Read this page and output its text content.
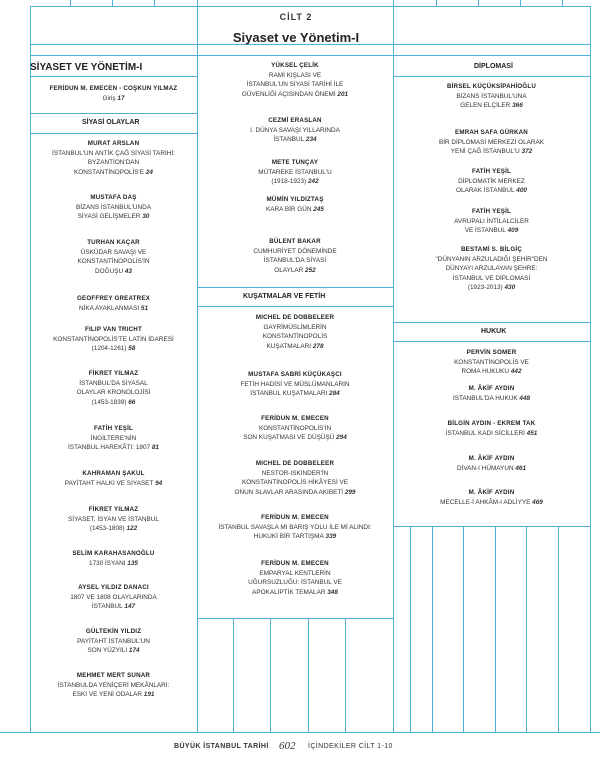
CİLT 2
Siyaset ve Yönetim-I
SİYASET VE YÖNETİM-I
SİYASİ OLAYLAR
KUŞATMALAR VE FETİH
DİPLOMASİ
HUKUK
FERİDUN M. EMECEN - COŞKUN YILMAZ
Giriş 17
MURAT ARSLAN
İSTANBUL'UN ANTİK ÇAĞ SİYASİ TARİHİ:
BYZANTİON'DAN
KONSTANTİNOPOLİS'E 24
MUSTAFA DAŞ
BİZANS İSTANBUL'UNDA
SİYASİ GELİŞMELER 30
TURHAN KAÇAR
ÜSKÜDAR SAVAŞI VE
KONSTANTİNOPOLİS'İN
DOĞUŞU 43
GEOFFREY GREATREX
NİKA AYAKLANMASI 51
FILIP VAN TRICHT
KONSTANTİNOPOLİS'TE LATİN İDARESİ
(1204-1261) 58
FİKRET YILMAZ
İSTANBUL'DA SİYASAL
OLAYLAR KRONOLOJİSİ
(1453-1839) 66
FATİH YEŞİL
İNGİLTERE'NİN
İSTANBUL HAREKÂTI: 1807 81
KAHRAMAN ŞAKUL
PAYİTAHT HALKI VE SİYASET 94
FİKRET YILMAZ
SİYASET, İSYAN VE İSTANBUL
(1453-1808) 122
SELİM KARAHASANOĞLU
1730 İSYANI 135
AYSEL YILDIZ DANACI
1807 VE 1808 OLAYLARINDA
İSTANBUL 147
GÜLTEKİN YILDIZ
PAYİTAHT İSTANBUL'UN
SON YÜZYILI 174
MEHMET MERT SUNAR
İSTANBULDA YENİÇERİ MEKÂNLARI:
ESKİ VE YENİ ODALAR 191
YÜKSEL ÇELİK
RAMİ KIŞLASI VE
İSTANBUL'UN SİYASİ TARİHİ İLE
GÜVENLİĞİ AÇISINDAN ÖNEMİ 201
CEZMİ ERASLAN
I. DÜNYA SAVAŞI YILLARINDA
İSTANBUL 234
METE TUNÇAY
MÜTAREKE İSTANBUL'U
(1918-1923) 242
MÜMİN YILDIZTAŞ
KARA BİR GÜN 245
BÜLENT BAKAR
CUMHURİYET DÖNEMİNDE
İSTANBUL'DA SİYASİ
OLAYLAR 252
MICHEL DE DOBBELEER
GAYRİMÜSLİMLERİN
KONSTANTİNOPOLİS
KUŞATMALARI 278
MUSTAFA SABRİ KÜÇÜKAŞCI
FETİH HADİSİ VE MÜSLÜMANLARIN
İSTANBUL KUŞATMALARI 284
FERİDUN M. EMECEN
KONSTANTİNOPOLİS'İN
SON KUŞATMASI VE DÜŞÜŞÜ 294
MICHEL DE DOBBELEER
NESTOR-ISKINDER'İN
KONSTANTİNOPOLİS HİKÂYESİ VE
ONUN SLAVLAR ARASINDA AKIBETİ 299
FERİDUN M. EMECEN
İSTANBUL SAVAŞLA MI BARIŞ YOLU İLE Mİ ALINDI:
HUKUKİ BİR TARTIŞMA 339
FERİDUN M. EMECEN
EMPARYAL KENTLERİN
UĞURSUZLUĞU: İSTANBUL VE
APOKALİPTİK TEMALAR 348
BİRSEL KÜÇÜKSİPAHİOĞLU
BİZANS İSTANBUL'UNA
GELEN ELÇİLER 366
EMRAH SAFA GÜRKAN
BİR DİPLOMASİ MERKEZİ OLARAK
YENİ ÇAĞ İSTANBUL'U 372
FATİH YEŞİL
DİPLOMATİK MERKEZ
OLARAK İSTANBUL 400
FATİH YEŞİL
AVRUPALI İNTİLALCİLER
VE İSTANBUL 409
BESTAMİ S. BİLGİÇ
"DÜNYANIN ARZULADIĞI ŞEHİR"DEN
DÜNYAYI ARZULAYAN ŞEHRE:
İSTANBUL VE DİPLOMASİ
(1923-2013) 430
PERVİN SOMER
KONSTANTİNOPOLİS VE
ROMA HUKUKU 442
M. ÂKİF AYDIN
İSTANBUL'DA HUKUK 448
BİLGİN AYDIN - EKREM TAK
İSTANBUL KADI SİCİLLERİ 451
M. ÂKİF AYDIN
DİVAN-I HÜMAYUN 461
M. ÂKİF AYDIN
MECELLE-İ AHKÂM-I ADLİYYE 469
BÜYÜK İSTANBUL TARİHİ 602 İÇİNDEKİLER CİLT 1-10
